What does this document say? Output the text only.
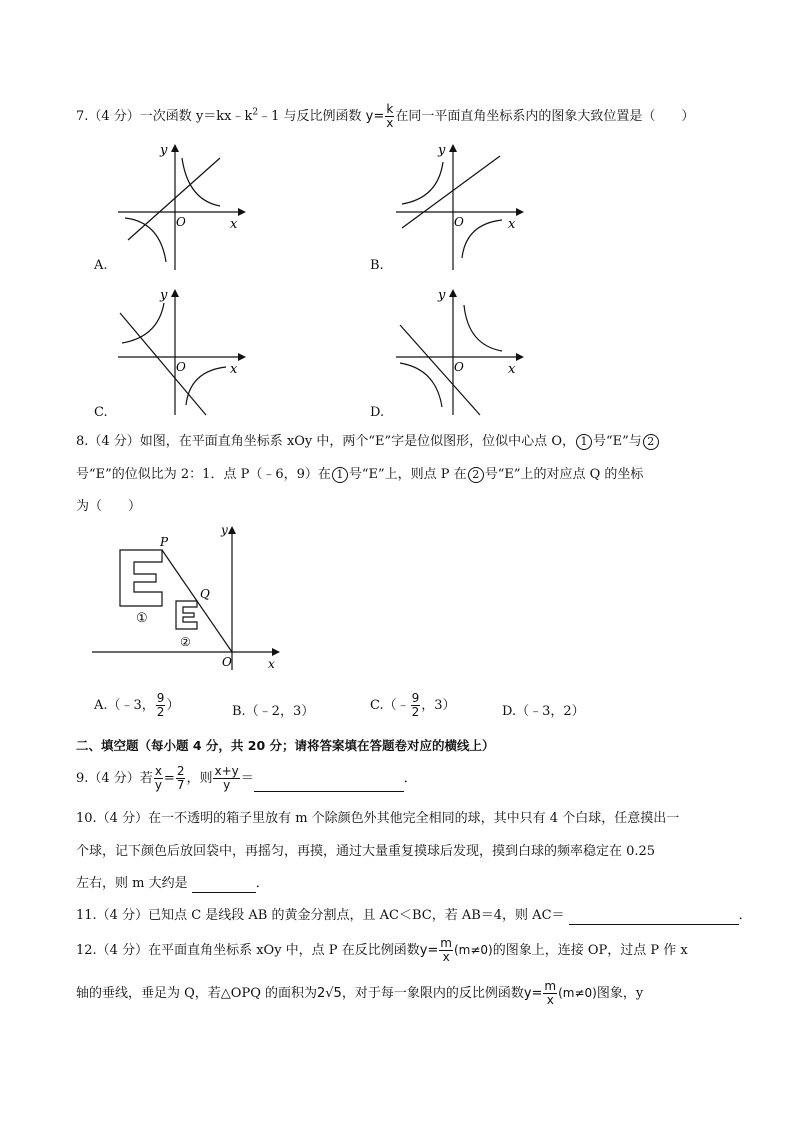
7.（4 分）一次函数 $y=kx﹣k^2﹣1$ 与反比例函数 $y= \frac{k}{x}$ 在同一平面直角坐标系内的图象大致位置是（　　）
y
x
O
A.
y
x
O
B.
y
x
O
C.
y
x
O
D.
8.（4 分）如图，在平面直角坐标系 xOy 中，两个“E”字是位似图形，位似中心点 O， 1 号“E”与 2
号“E”的位似比为 2：1．点 P（﹣6，9）在 1 号“E”上，则点 P 在 2 号“E”上的对应点 Q 的坐标
为（　　）
P
Q
O	x
y
①
②
A.（﹣3， $\frac{9}{2}$ ）	B.（﹣2，3）	C.（﹣ $\frac{9}{2}$ ，3）	D.（﹣3，2）
二、填空题（每小题 4 分，共 20 分；请将答案填在答题卷对应的横线上）
9.（4 分）若 $\frac{x}{y} = \frac{2}{7}$ ，则 $\frac{x+y}{y}$ ＝	．
10.（4 分）在一不透明的箱子里放有 m 个除颜色外其他完全相同的球，其中只有 4 个白球，任意摸出一
个球，记下颜色后放回袋中，再摇匀，再摸，通过大量重复摸球后发现，摸到白球的频率稳定在 0.25
左右，则 m 大约是	．
11.（4 分）已知点 C 是线段 AB 的黄金分割点，且 AC＜BC，若 AB＝4，则 AC＝	．
12.（4 分）在平面直角坐标系 xOy 中，点 P 在反比例函数$y= \frac{m}{x} (m\ne 0)$的图象上，连接 OP，过点 P 作 x
轴的垂线，垂足为 Q，若△OPQ 的面积为2√5，对于每一象限内的反比例函数$y= \frac{m}{x} (m\ne 0)$图象，y
